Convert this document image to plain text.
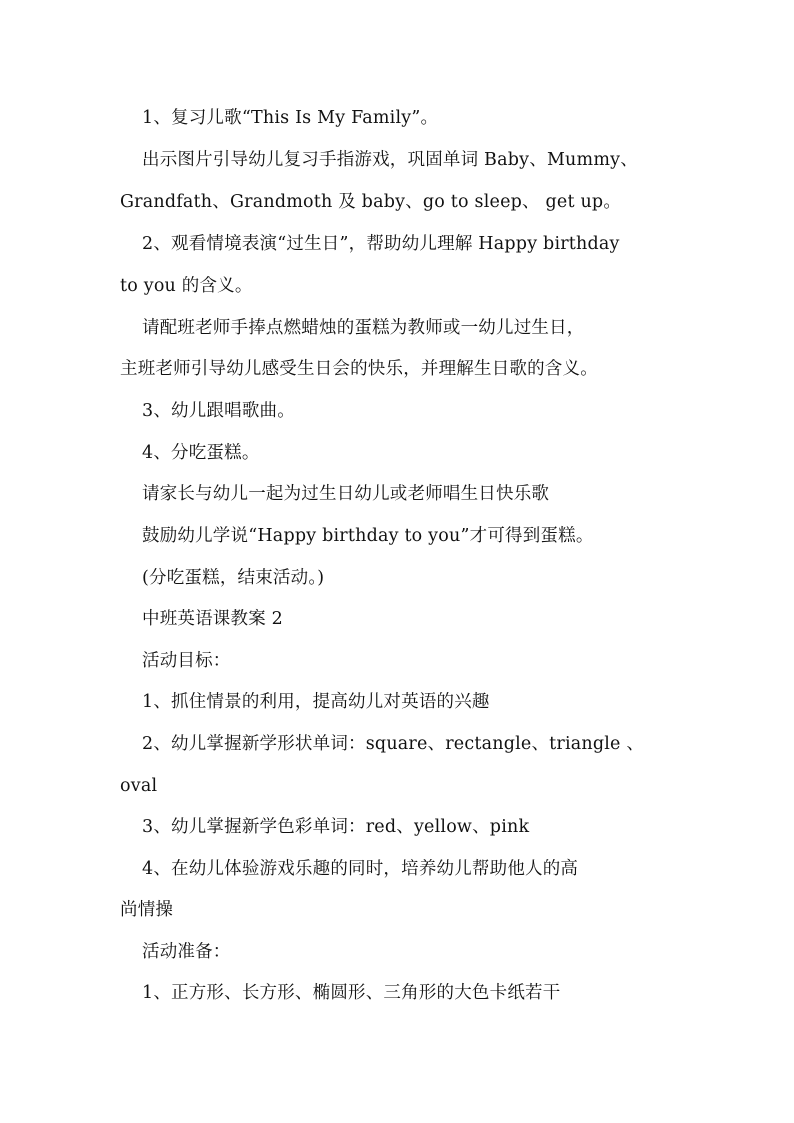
1、复习儿歌“This Is My Family”。

出示图片引导幼儿复习手指游戏，巩固单词 Baby、Mummy、

Grandfath、Grandmoth 及 baby、go to sleep、 get up。

2、观看情境表演“过生日”，帮助幼儿理解 Happy birthday

to you 的含义。

请配班老师手捧点燃蜡烛的蛋糕为教师或一幼儿过生日，

主班老师引导幼儿感受生日会的快乐，并理解生日歌的含义。

3、幼儿跟唱歌曲。

4、分吃蛋糕。

请家长与幼儿一起为过生日幼儿或老师唱生日快乐歌

鼓励幼儿学说“Happy birthday to you”才可得到蛋糕。

(分吃蛋糕，结束活动。)

中班英语课教案 2

活动目标：

1、抓住情景的利用，提高幼儿对英语的兴趣

2、幼儿掌握新学形状单词：square、rectangle、triangle 、

oval

3、幼儿掌握新学色彩单词：red、yellow、pink

4、在幼儿体验游戏乐趣的同时，培养幼儿帮助他人的高

尚情操

活动准备：

1、正方形、长方形、椭圆形、三角形的大色卡纸若干
